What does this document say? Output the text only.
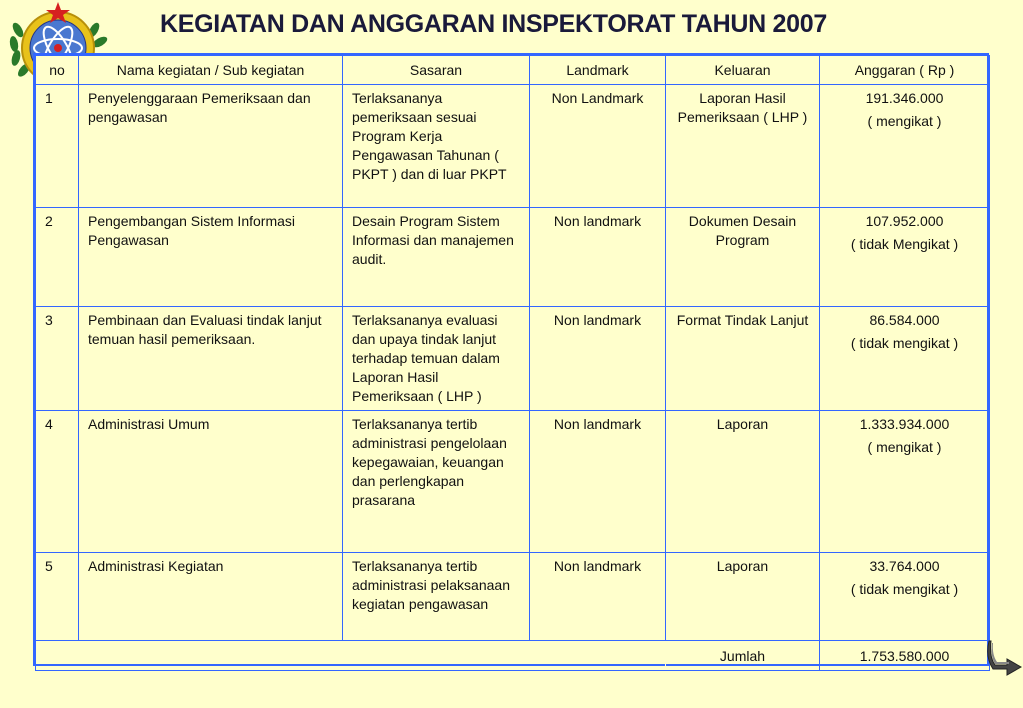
KEGIATAN DAN ANGGARAN INSPEKTORAT TAHUN 2007
no	Nama kegiatan / Sub kegiatan	Sasaran	Landmark	Keluaran	Anggaran ( Rp )
1	Penyelenggaraan Pemeriksaan dan pengawasan	Terlaksananya pemeriksaan sesuai Program Kerja Pengawasan Tahunan ( PKPT ) dan di luar PKPT	Non Landmark	Laporan Hasil Pemeriksaan ( LHP )	191.346.000
( mengikat )

2	Pengembangan Sistem Informasi Pengawasan	Desain Program Sistem Informasi dan manajemen audit.	Non landmark	Dokumen Desain Program	107.952.000
( tidak Mengikat )

3	Pembinaan dan Evaluasi tindak lanjut temuan hasil pemeriksaan.	Terlaksananya evaluasi dan upaya tindak lanjut terhadap temuan dalam Laporan Hasil Pemeriksaan ( LHP )	Non landmark	Format Tindak Lanjut	86.584.000
( tidak mengikat )

4	Administrasi Umum	Terlaksananya tertib administrasi pengelolaan kepegawaian, keuangan dan perlengkapan prasarana	Non landmark	Laporan	1.333.934.000
( mengikat )

5	Administrasi Kegiatan	Terlaksananya tertib administrasi pelaksanaan kegiatan pengawasan	Non landmark	Laporan	33.764.000
( tidak mengikat )

				Jumlah	1.753.580.000
